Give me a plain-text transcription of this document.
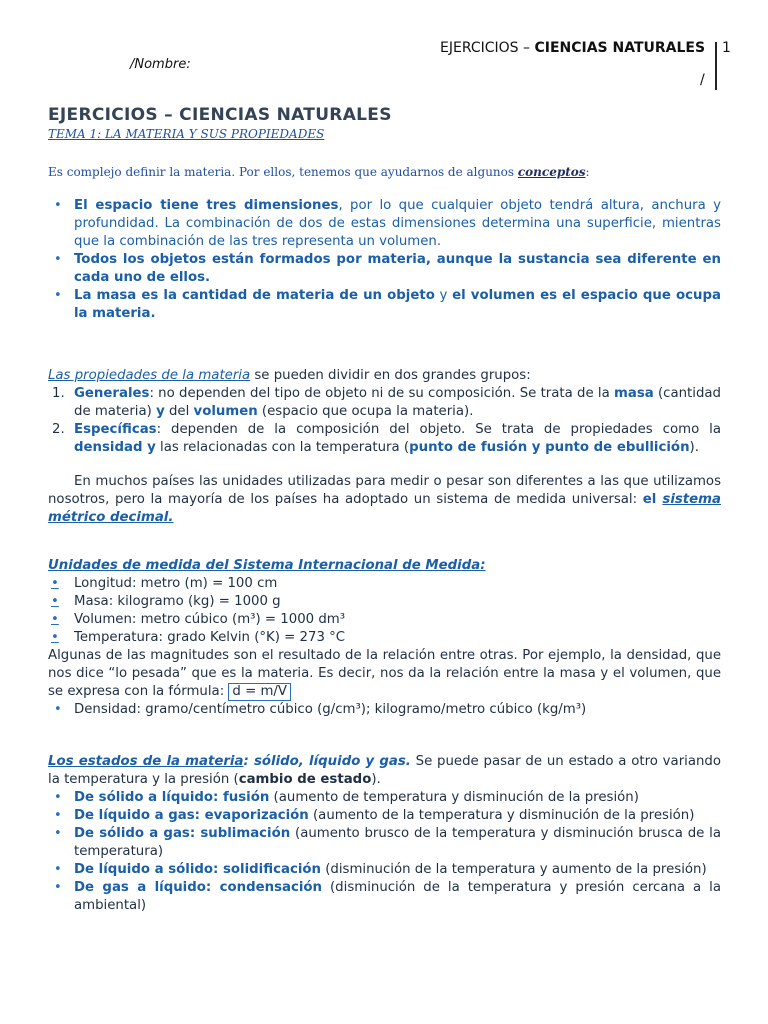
EJERCICIOS – CIENCIAS NATURALES 1
/
/Nombre:
EJERCICIOS – CIENCIAS NATURALES

TEMA 1: LA MATERIA Y SUS PROPIEDADES

Es complejo definir la materia. Por ellos, tenemos que ayudarnos de algunos conceptos:

• El espacio tiene tres dimensiones, por lo que cualquier objeto tendrá altura, anchura y profundidad. La combinación de dos de estas dimensiones determina una superficie, mientras que la combinación de las tres representa un volumen.
• Todos los objetos están formados por materia, aunque la sustancia sea diferente en cada uno de ellos.
• La masa es la cantidad de materia de un objeto y el volumen es el espacio que ocupa la materia.
Las propiedades de la materia se pueden dividir en dos grandes grupos:
1. Generales: no dependen del tipo de objeto ni de su composición. Se trata de la masa (cantidad de materia) y del volumen (espacio que ocupa la materia).
2. Específicas: dependen de la composición del objeto. Se trata de propiedades como la densidad y las relacionadas con la temperatura (punto de fusión y punto de ebullición).

En muchos países las unidades utilizadas para medir o pesar son diferentes a las que utilizamos nosotros, pero la mayoría de los países ha adoptado un sistema de medida universal: el sistema métrico decimal.

Unidades de medida del Sistema Internacional de Medida:
•	Longitud: metro (m) = 100 cm
•	Masa: kilogramo (kg) = 1000 g
•	Volumen: metro cúbico (m³) = 1000 dm³
•	Temperatura: grado Kelvin (°K) = 273 °C

Algunas de las magnitudes son el resultado de la relación entre otras. Por ejemplo, la densidad, que nos dice “lo pesada” que es la materia. Es decir, nos da la relación entre la masa y el volumen, que se expresa con la fórmula: d = m/V

• Densidad: gramo/centímetro cúbico (g/cm³); kilogramo/metro cúbico (kg/m³)

Los estados de la materia: sólido, líquido y gas. Se puede pasar de un estado a otro variando la temperatura y la presión (cambio de estado).

• De sólido a líquido: fusión (aumento de temperatura y disminución de la presión)
• De líquido a gas: evaporización (aumento de la temperatura y disminución de la presión)
• De sólido a gas: sublimación (aumento brusco de la temperatura y disminución brusca de la temperatura)
• De líquido a sólido: solidificación (disminución de la temperatura y aumento de la presión)
• De gas a líquido: condensación (disminución de la temperatura y presión cercana a la ambiental)
